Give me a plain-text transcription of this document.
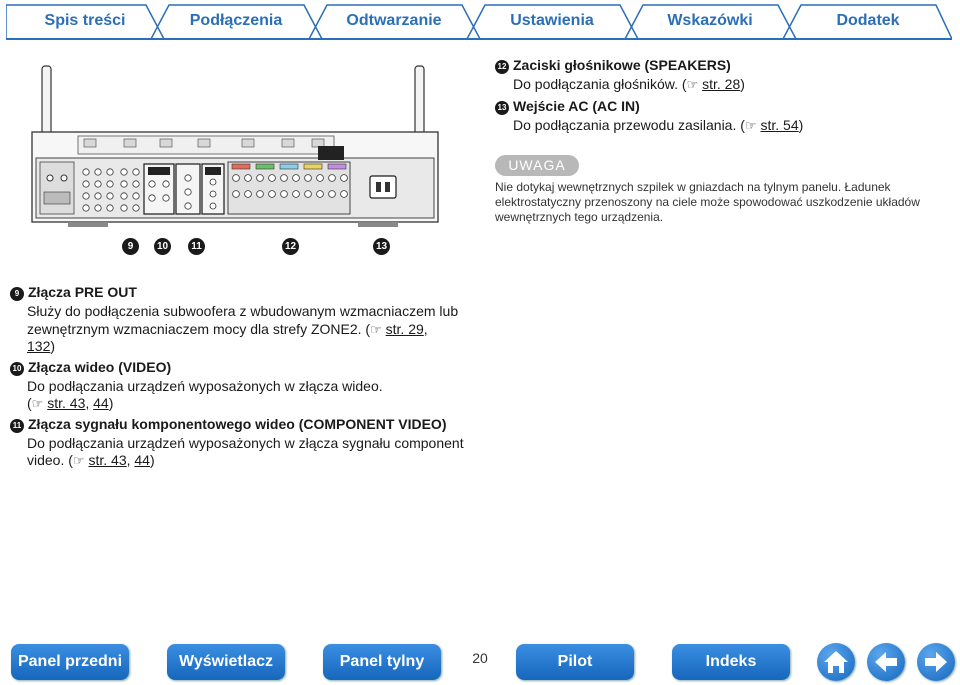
Spis treści	Podłączenia	Odtwarzanie	Ustawienia	Wskazówki	Dodatek
9	10	11	12	13
12 Zaciski głośnikowe (SPEAKERS)
Do podłączania głośników. (☞ str. 28)
13 Wejście AC (AC IN)
Do podłączania przewodu zasilania. (☞ str. 54)
UWAGA
Nie dotykaj wewnętrznych szpilek w gniazdach na tylnym panelu. Ładunek
elektrostatyczny przenoszony na ciele może spowodować uszkodzenie układów
wewnętrznych tego urządzenia.
9 Złącza PRE OUT
Służy do podłączenia subwoofera z wbudowanym wzmacniaczem lub
zewnętrznym wzmacniaczem mocy dla strefy ZONE2. (☞ str. 29,
132)
10 Złącza wideo (VIDEO)
Do podłączania urządzeń wyposażonych w złącza wideo.
(☞ str. 43, 44)
11 Złącza sygnału komponentowego wideo (COMPONENT VIDEO)
Do podłączania urządzeń wyposażonych w złącza sygnału component
video. (☞ str. 43, 44)
Panel przedni	Wyświetlacz	Panel tylny	20	Pilot	Indeks
